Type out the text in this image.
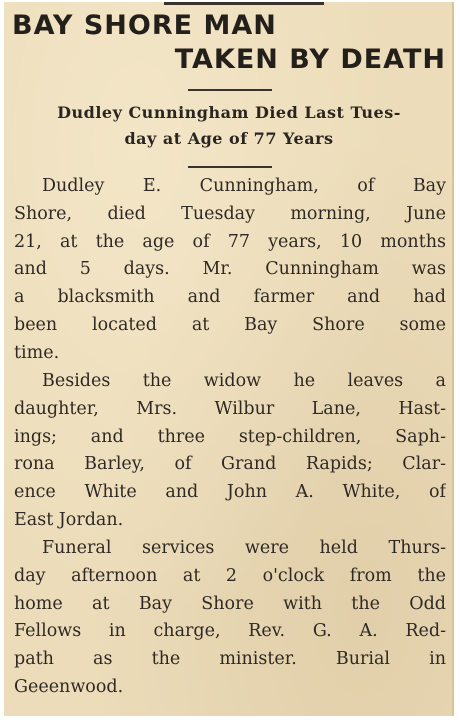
BAY SHORE MAN
TAKEN BY DEATH
Dudley Cunningham Died Last Tues-
day at Age of 77 Years
Dudley E. Cunningham, of Bay
Shore, died Tuesday morning, June
21, at the age of 77 years, 10 months
and 5 days. Mr. Cunningham was
a blacksmith and farmer and had
been located at Bay Shore some
time.
Besides the widow he leaves a
daughter, Mrs. Wilbur Lane, Hast-
ings; and three step-children, Saph-
rona Barley, of Grand Rapids; Clar-
ence White and John A. White, of
East Jordan.
Funeral services were held Thurs-
day afternoon at 2 o'clock from the
home at Bay Shore with the Odd
Fellows in charge, Rev. G. A. Red-
path as the minister. Burial in
Geeenwood.
